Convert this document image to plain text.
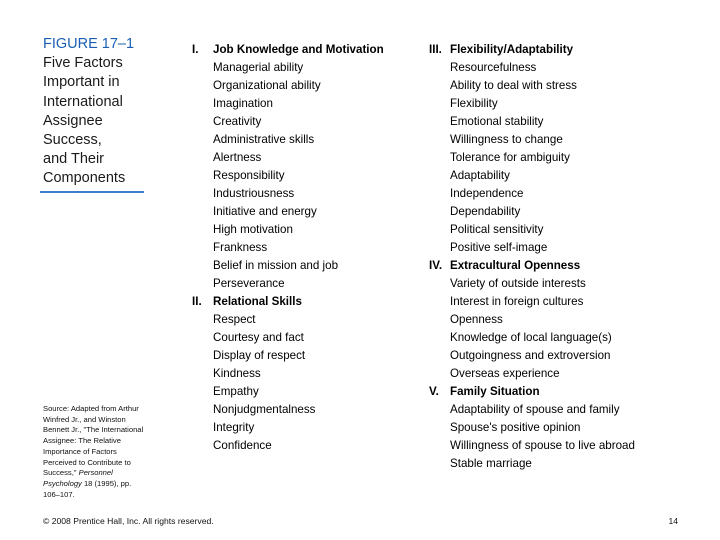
FIGURE 17–1
Five Factors
Important in
International
Assignee
Success,
and Their
Components
I. Job Knowledge and Motivation
Managerial ability
Organizational ability
Imagination
Creativity
Administrative skills
Alertness
Responsibility
Industriousness
Initiative and energy
High motivation
Frankness
Belief in mission and job
Perseverance
II. Relational Skills
Respect
Courtesy and fact
Display of respect
Kindness
Empathy
Nonjudgmentalness
Integrity
Confidence
III. Flexibility/Adaptability
Resourcefulness
Ability to deal with stress
Flexibility
Emotional stability
Willingness to change
Tolerance for ambiguity
Adaptability
Independence
Dependability
Political sensitivity
Positive self-image
IV. Extracultural Openness
Variety of outside interests
Interest in foreign cultures
Openness
Knowledge of local language(s)
Outgoingness and extroversion
Overseas experience
V. Family Situation
Adaptability of spouse and family
Spouse's positive opinion
Willingness of spouse to live abroad
Stable marriage
Source: Adapted from Arthur Winfred Jr., and Winston Bennett Jr., "The International Assignee: The Relative Importance of Factors Perceived to Contribute to Success," Personnel Psychology 18 (1995), pp. 106–107.
© 2008 Prentice Hall, Inc. All rights reserved.	14
